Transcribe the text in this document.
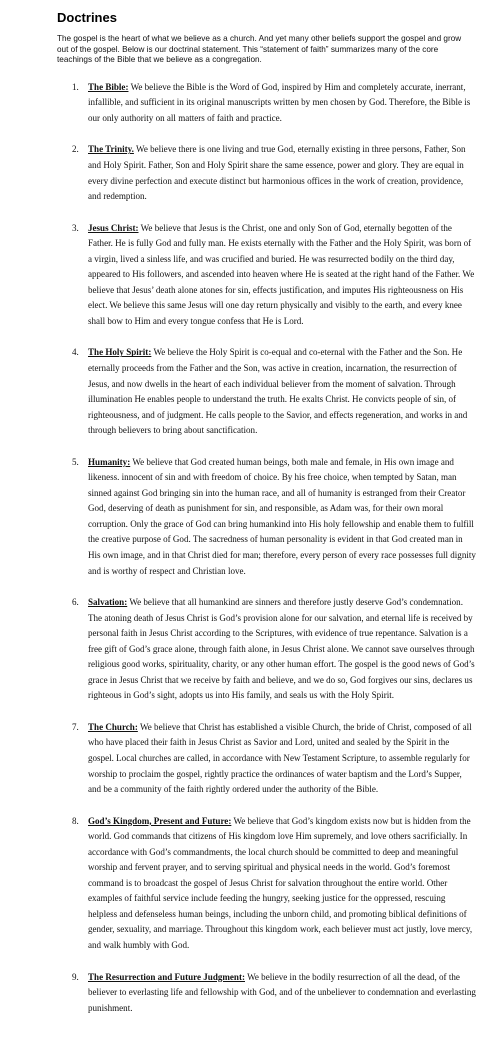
Doctrines

The gospel is the heart of what we believe as a church. And yet many other beliefs support the gospel and grow out of the gospel. Below is our doctrinal statement. This “statement of faith” summarizes many of the core teachings of the Bible that we believe as a congregation.

1. The Bible: We believe the Bible is the Word of God, inspired by Him and completely accurate, inerrant, infallible, and sufficient in its original manuscripts written by men chosen by God. Therefore, the Bible is our only authority on all matters of faith and practice.
2. The Trinity. We believe there is one living and true God, eternally existing in three persons, Father, Son and Holy Spirit. Father, Son and Holy Spirit share the same essence, power and glory. They are equal in every divine perfection and execute distinct but harmonious offices in the work of creation, providence, and redemption.
3. Jesus Christ: We believe that Jesus is the Christ, one and only Son of God, eternally begotten of the Father. He is fully God and fully man. He exists eternally with the Father and the Holy Spirit, was born of a virgin, lived a sinless life, and was crucified and buried. He was resurrected bodily on the third day, appeared to His followers, and ascended into heaven where He is seated at the right hand of the Father. We believe that Jesus’ death alone atones for sin, effects justification, and imputes His righteousness on His elect. We believe this same Jesus will one day return physically and visibly to the earth, and every knee shall bow to Him and every tongue confess that He is Lord.
4. The Holy Spirit: We believe the Holy Spirit is co-equal and co-eternal with the Father and the Son. He eternally proceeds from the Father and the Son, was active in creation, incarnation, the resurrection of Jesus, and now dwells in the heart of each individual believer from the moment of salvation. Through illumination He enables people to understand the truth. He exalts Christ. He convicts people of sin, of righteousness, and of judgment. He calls people to the Savior, and effects regeneration, and works in and through believers to bring about sanctification.
5. Humanity: We believe that God created human beings, both male and female, in His own image and likeness. innocent of sin and with freedom of choice. By his free choice, when tempted by Satan, man sinned against God bringing sin into the human race, and all of humanity is estranged from their Creator God, deserving of death as punishment for sin, and responsible, as Adam was, for their own moral corruption. Only the grace of God can bring humankind into His holy fellowship and enable them to fulfill the creative purpose of God. The sacredness of human personality is evident in that God created man in His own image, and in that Christ died for man; therefore, every person of every race possesses full dignity and is worthy of respect and Christian love.
6. Salvation: We believe that all humankind are sinners and therefore justly deserve God’s condemnation. The atoning death of Jesus Christ is God’s provision alone for our salvation, and eternal life is received by personal faith in Jesus Christ according to the Scriptures, with evidence of true repentance. Salvation is a free gift of God’s grace alone, through faith alone, in Jesus Christ alone. We cannot save ourselves through religious good works, spirituality, charity, or any other human effort. The gospel is the good news of God’s grace in Jesus Christ that we receive by faith and believe, and we do so, God forgives our sins, declares us righteous in God’s sight, adopts us into His family, and seals us with the Holy Spirit.
7. The Church: We believe that Christ has established a visible Church, the bride of Christ, composed of all who have placed their faith in Jesus Christ as Savior and Lord, united and sealed by the Spirit in the gospel. Local churches are called, in accordance with New Testament Scripture, to assemble regularly for worship to proclaim the gospel, rightly practice the ordinances of water baptism and the Lord’s Supper, and be a community of the faith rightly ordered under the authority of the Bible.
8. God’s Kingdom, Present and Future: We believe that God’s kingdom exists now but is hidden from the world. God commands that citizens of His kingdom love Him supremely, and love others sacrificially. In accordance with God’s commandments, the local church should be committed to deep and meaningful worship and fervent prayer, and to serving spiritual and physical needs in the world. God’s foremost command is to broadcast the gospel of Jesus Christ for salvation throughout the entire world. Other examples of faithful service include feeding the hungry, seeking justice for the oppressed, rescuing helpless and defenseless human beings, including the unborn child, and promoting biblical definitions of gender, sexuality, and marriage. Throughout this kingdom work, each believer must act justly, love mercy, and walk humbly with God.
9. The Resurrection and Future Judgment: We believe in the bodily resurrection of all the dead, of the believer to everlasting life and fellowship with God, and of the unbeliever to condemnation and everlasting punishment.
